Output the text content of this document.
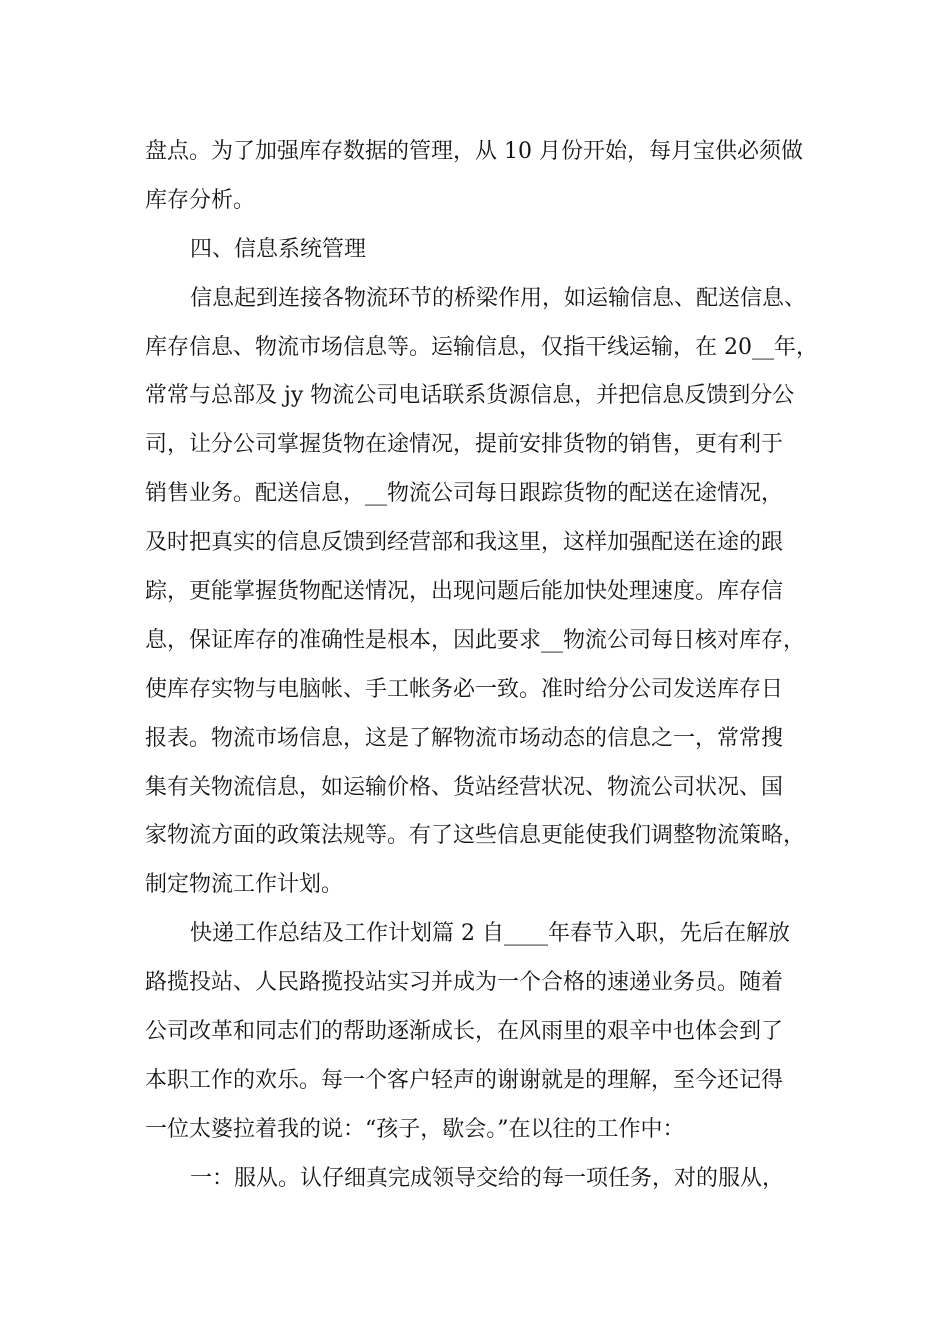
盘点。为了加强库存数据的管理，从 10 月份开始，每月宝供必须做
库存分析。
四、信息系统管理
信息起到连接各物流环节的桥梁作用，如运输信息、配送信息、
库存信息、物流市场信息等。运输信息，仅指干线运输，在 20__年，
常常与总部及 jy 物流公司电话联系货源信息，并把信息反馈到分公
司，让分公司掌握货物在途情况，提前安排货物的销售，更有利于
销售业务。配送信息，__物流公司每日跟踪货物的配送在途情况，
及时把真实的信息反馈到经营部和我这里，这样加强配送在途的跟
踪，更能掌握货物配送情况，出现问题后能加快处理速度。库存信
息，保证库存的准确性是根本，因此要求__物流公司每日核对库存，
使库存实物与电脑帐、手工帐务必一致。准时给分公司发送库存日
报表。物流市场信息，这是了解物流市场动态的信息之一，常常搜
集有关物流信息，如运输价格、货站经营状况、物流公司状况、国
家物流方面的政策法规等。有了这些信息更能使我们调整物流策略，
制定物流工作计划。
快递工作总结及工作计划篇 2 自____年春节入职，先后在解放
路揽投站、人民路揽投站实习并成为一个合格的速递业务员。随着
公司改革和同志们的帮助逐渐成长，在风雨里的艰辛中也体会到了
本职工作的欢乐。每一个客户轻声的谢谢就是的理解，至今还记得
一位太婆拉着我的说：“孩子，歇会。”在以往的工作中：
一：服从。认仔细真完成领导交给的每一项任务，对的服从，
